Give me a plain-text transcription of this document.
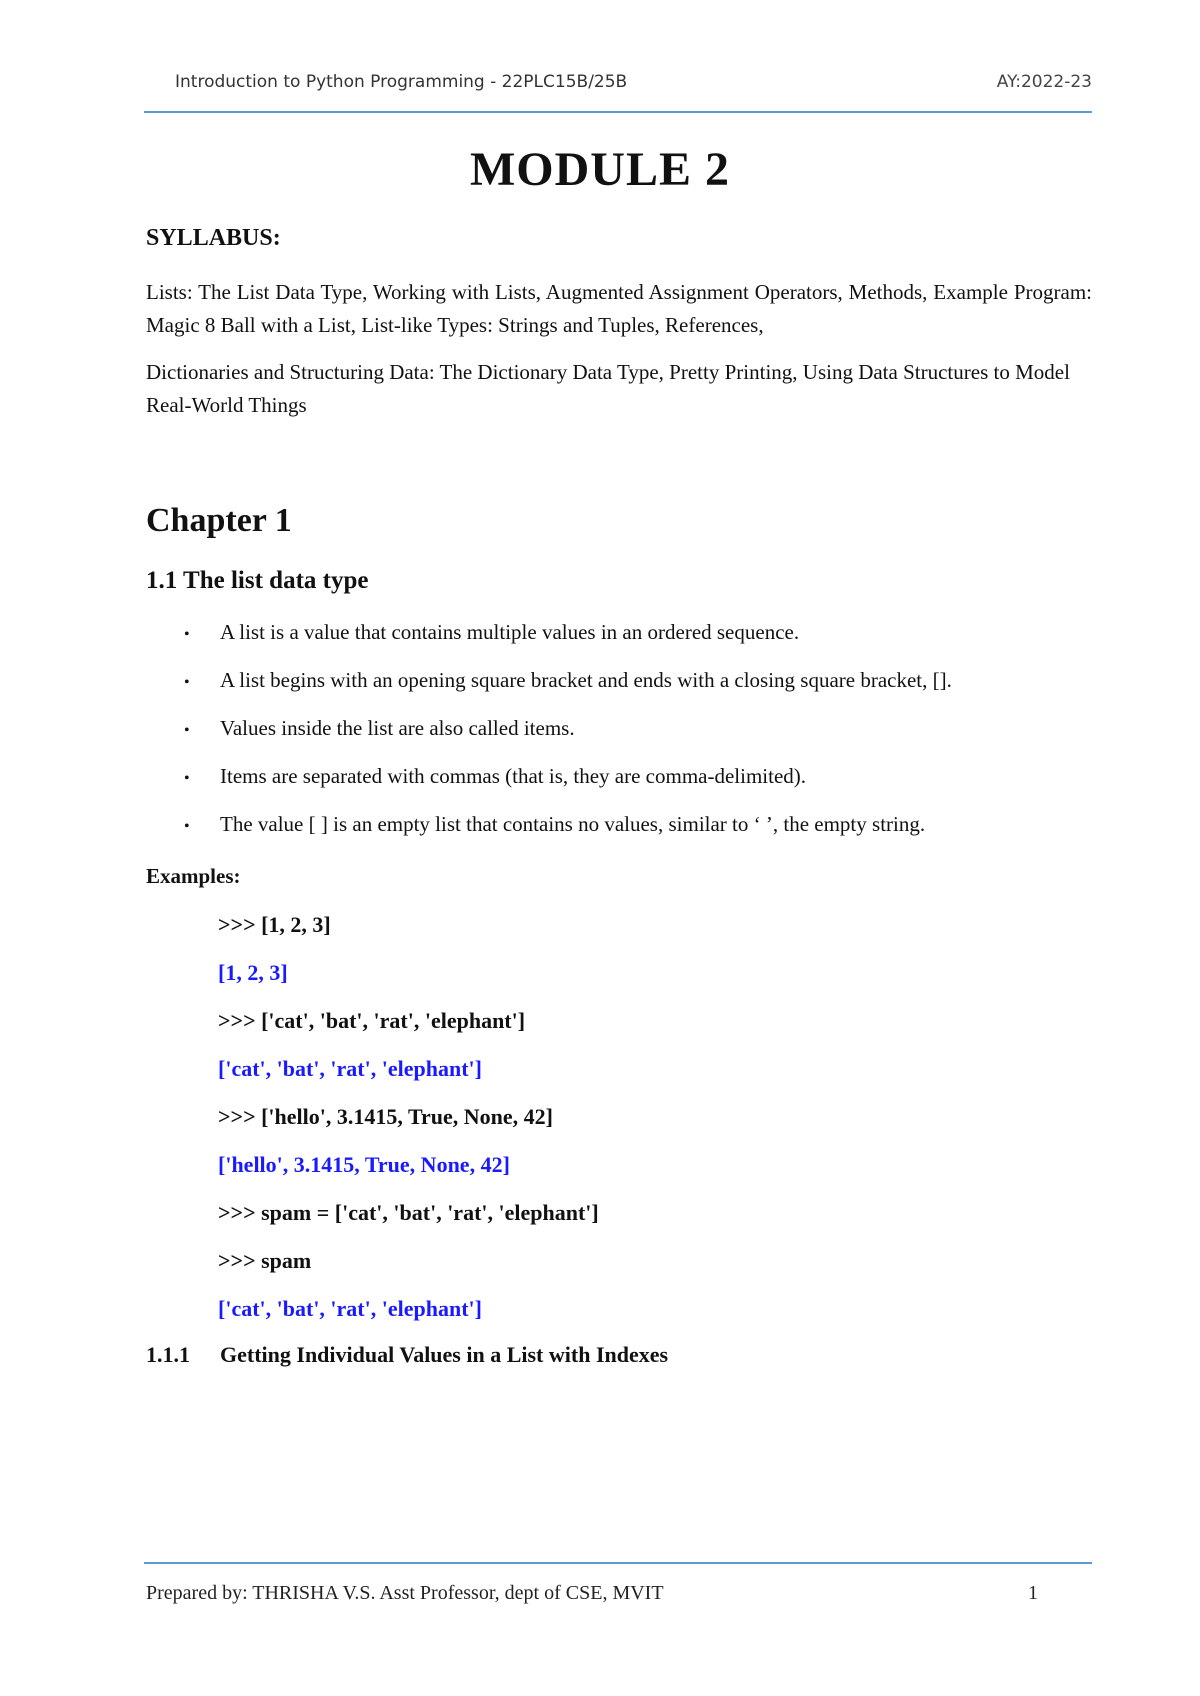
Introduction to Python Programming - 22PLC15B/25B	AY:2022-23
MODULE 2
SYLLABUS:
Lists: The List Data Type, Working with Lists, Augmented Assignment Operators, Methods, Example Program: Magic 8 Ball with a List, List-like Types: Strings and Tuples, References,
Dictionaries and Structuring Data: The Dictionary Data Type, Pretty Printing, Using Data Structures to Model Real-World Things
Chapter 1
1.1 The list data type
•	A list is a value that contains multiple values in an ordered sequence.
•	A list begins with an opening square bracket and ends with a closing square bracket, [].
•	Values inside the list are also called items.
•	Items are separated with commas (that is, they are comma-delimited).
•	The value [ ] is an empty list that contains no values, similar to ‘ ’, the empty string.
Examples:
>>> [1, 2, 3]
[1, 2, 3]
>>> ['cat', 'bat', 'rat', 'elephant']
['cat', 'bat', 'rat', 'elephant']
>>> ['hello', 3.1415, True, None, 42]
['hello', 3.1415, True, None, 42]
>>> spam = ['cat', 'bat', 'rat', 'elephant']
>>> spam
['cat', 'bat', 'rat', 'elephant']
1.1.1 Getting Individual Values in a List with Indexes
Prepared by: THRISHA V.S. Asst Professor, dept of CSE, MVIT	1
